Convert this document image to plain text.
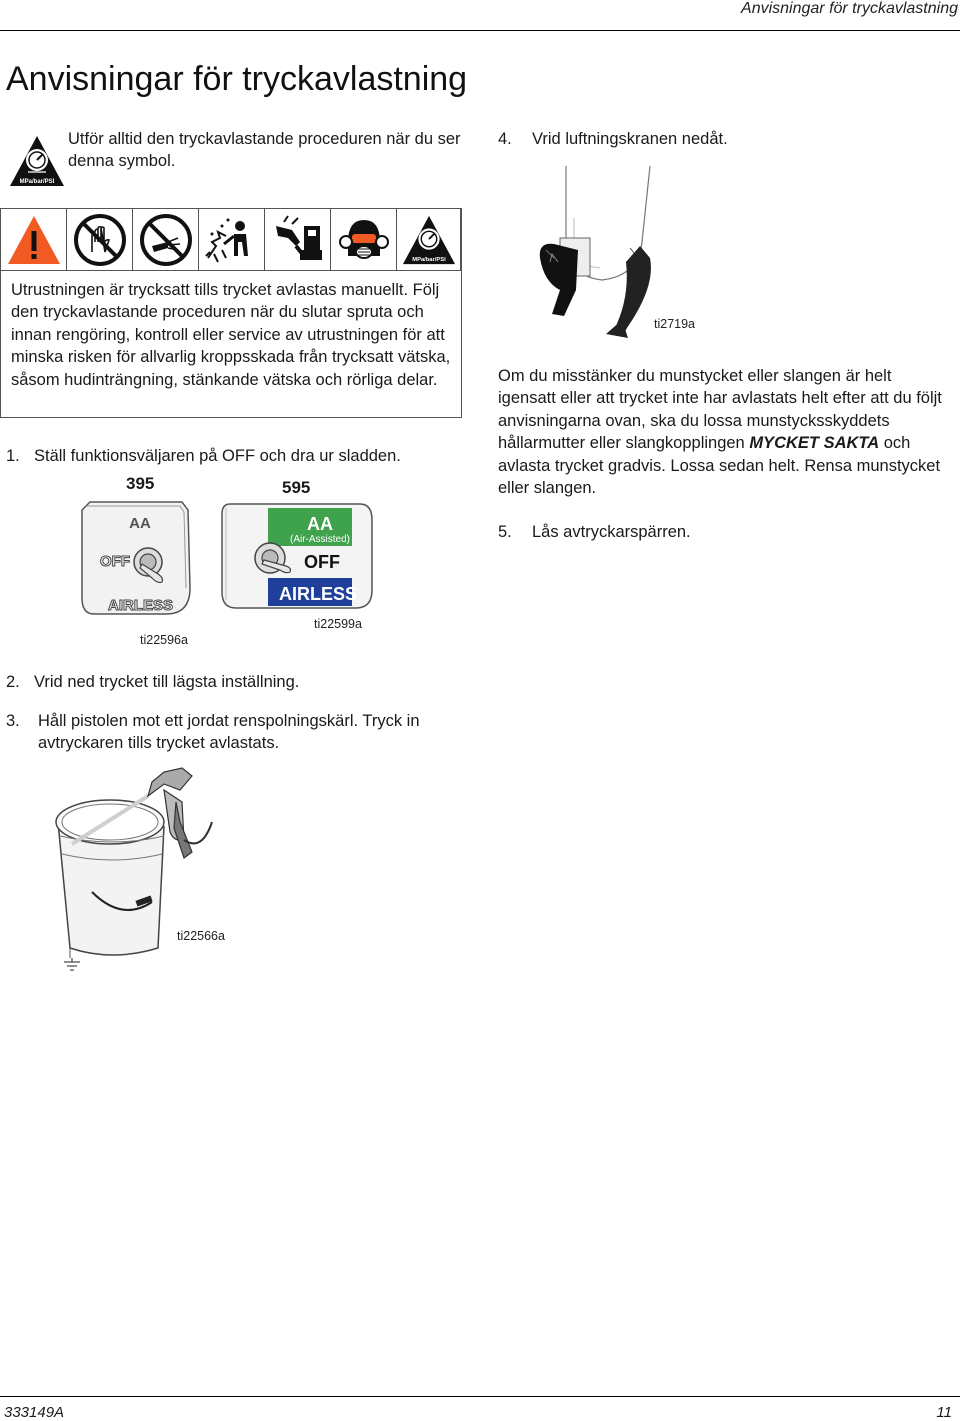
Anvisningar för tryckavlastning
Anvisningar för tryckavlastning
MPa/bar/PSI
Utför alltid den tryckavlastande proceduren när du ser denna symbol.
MPa/bar/PSI
Utrustningen är trycksatt tills trycket avlastas manuellt. Följ den tryckavlastande proceduren när du slutar spruta och innan rengöring, kontroll eller service av utrustningen för att minska risken för allvarlig kroppsskada från trycksatt vätska, såsom hudinträngning, stänkande vätska och rörliga delar.
1. Ställ funktionsväljaren på OFF och dra ur sladden.
395
AA
OFF
AIRLESS
ti22596a
595
AA
(Air-Assisted)
OFF
AIRLESS
ti22599a
2. Vrid ned trycket till lägsta inställning.
3.	Håll pistolen mot ett jordat renspolningskärl. Tryck in avtryckaren tills trycket avlastats.
ti22566a
4. Vrid luftningskranen nedåt.
ti2719a
Om du misstänker du munstycket eller slangen är helt igensatt eller att trycket inte har avlastats helt efter att du följt anvisningarna ovan, ska du lossa munstycksskyddets hållarmutter eller slangkopplingen MYCKET SAKTA och avlasta trycket gradvis. Lossa sedan helt. Rensa munstycket eller slangen.
5. Lås avtryckarspärren.
333149A	11
